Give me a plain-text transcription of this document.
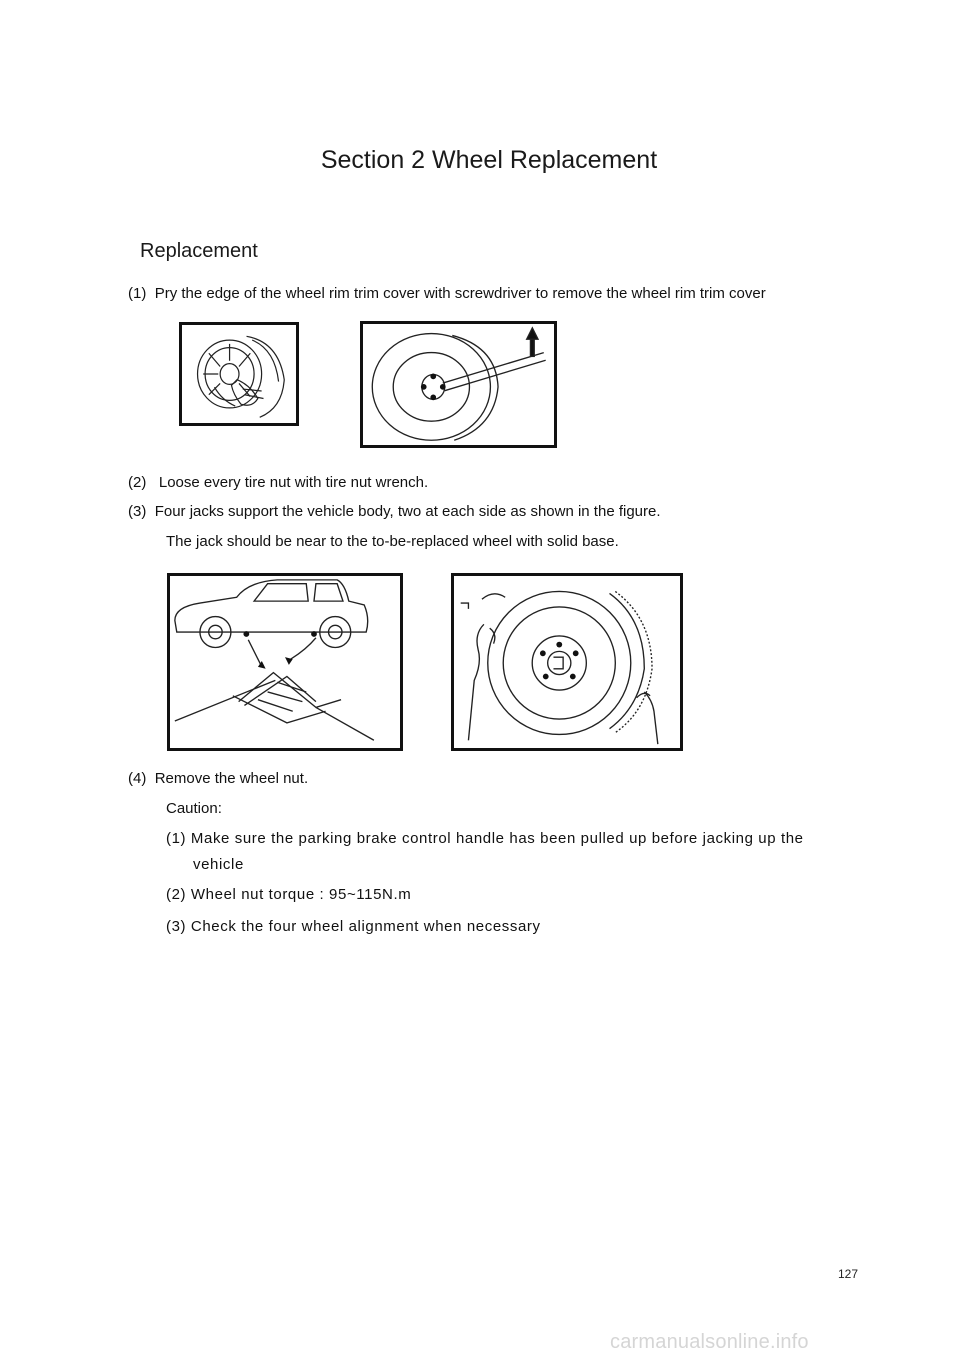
Section 2 Wheel Replacement
Replacement
(1) Pry the edge of the wheel rim trim cover with screwdriver to remove the wheel rim trim cover
(2) Loose every tire nut with tire nut wrench.
(3) Four jacks support the vehicle body, two at each side as shown in the figure.
The jack should be near to the to-be-replaced wheel with solid base.
(4) Remove the wheel nut.
Caution:
(1) Make sure the parking brake control handle has been pulled up before jacking up the
vehicle
(2) Wheel nut torque : 95~115N.m
(3) Check the four wheel alignment when necessary
127
carmanualsonline.info
